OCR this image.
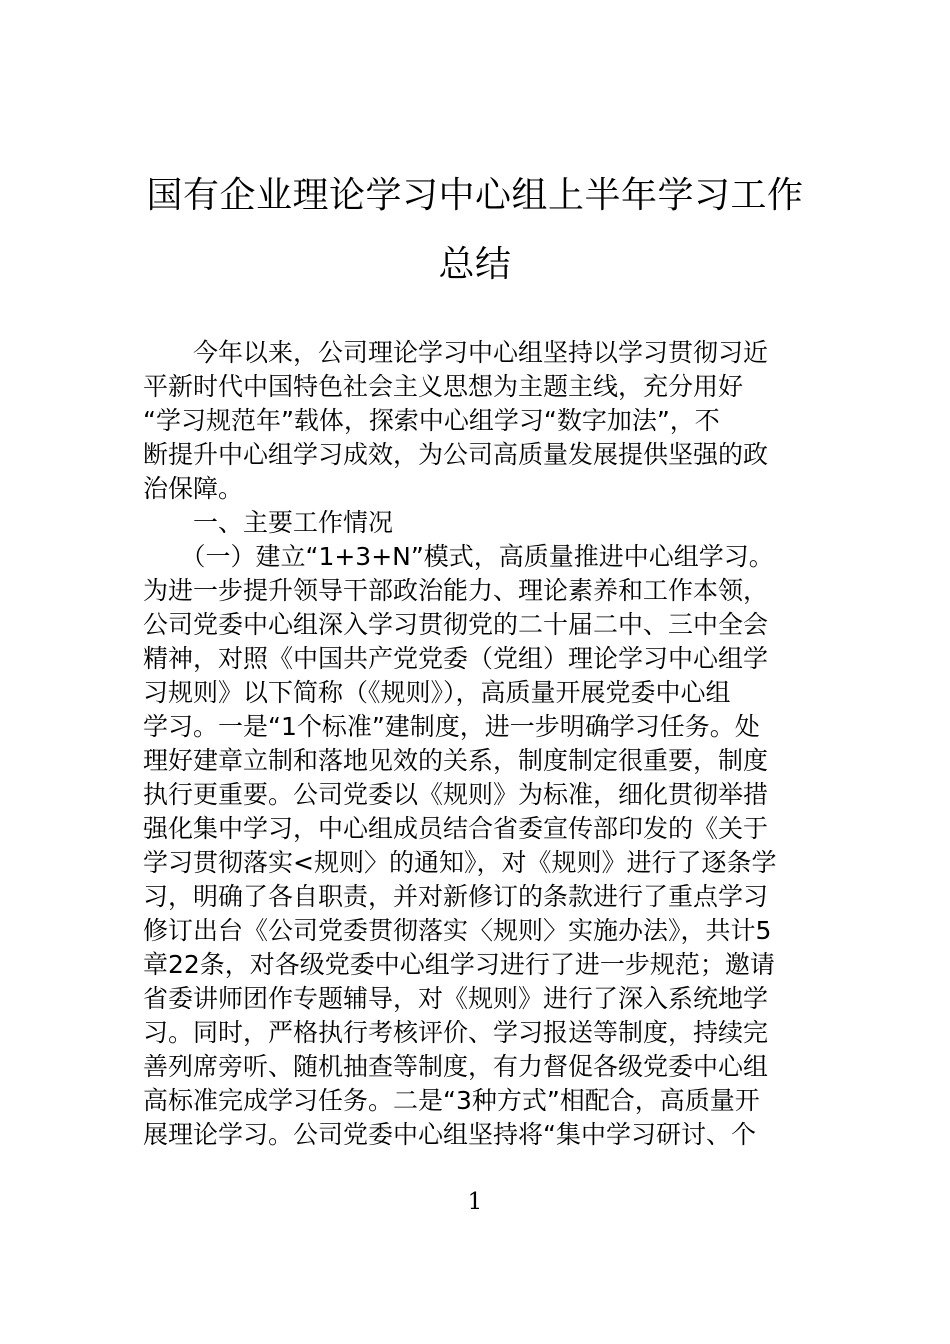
国有企业理论学习中心组上半年学习工作
总结

　　今年以来，公司理论学习中心组坚持以学习贯彻习近

平新时代中国特色社会主义思想为主题主线，充分用好

“学习规范年”载体，探索中心组学习“数字加法”，不

断提升中心组学习成效，为公司高质量发展提供坚强的政

治保障。

　　一、主要工作情况

　　（一）建立“1+3+N”模式，高质量推进中心组学习。

为进一步提升领导干部政治能力、理论素养和工作本领，

公司党委中心组深入学习贯彻党的二十届二中、三中全会

精神，对照《中国共产党党委（党组）理论学习中心组学

习规则》以下简称（《规则》），高质量开展党委中心组

学习。一是“1个标准”建制度，进一步明确学习任务。处

理好建章立制和落地见效的关系，制度制定很重要，制度

执行更重要。公司党委以《规则》为标准，细化贯彻举措

强化集中学习，中心组成员结合省委宣传部印发的《关于

学习贯彻落实<规则〉的通知》，对《规则》进行了逐条学

习，明确了各自职责，并对新修订的条款进行了重点学习

修订出台《公司党委贯彻落实〈规则〉实施办法》，共计5

章22条，对各级党委中心组学习进行了进一步规范；邀请

省委讲师团作专题辅导，对《规则》进行了深入系统地学

习。同时，严格执行考核评价、学习报送等制度，持续完

善列席旁听、随机抽查等制度，有力督促各级党委中心组

高标准完成学习任务。二是“3种方式”相配合，高质量开

展理论学习。公司党委中心组坚持将“集中学习研讨、个

1
